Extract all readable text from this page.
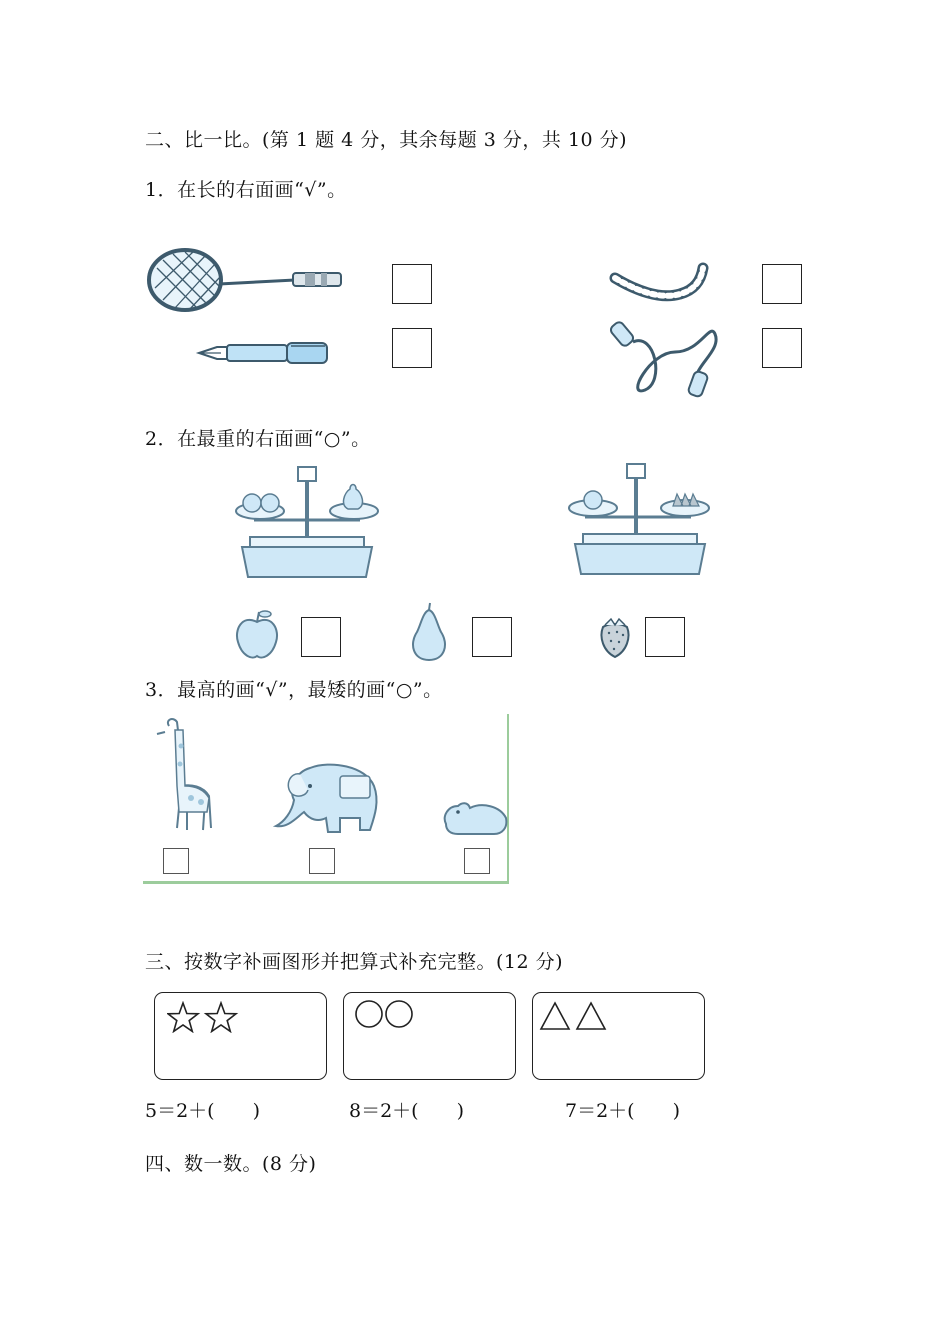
二、比一比。(第 1 题 4 分，其余每题 3 分，共 10 分)
1．在长的右面画“√”。
2．在最重的右面画“○”。
3．最高的画“√”，最矮的画“○”。
三、按数字补画图形并把算式补充完整。(12 分)
5＝2＋(　　)	8＝2＋(　　)	7＝2＋(　　)
四、数一数。(8 分)
